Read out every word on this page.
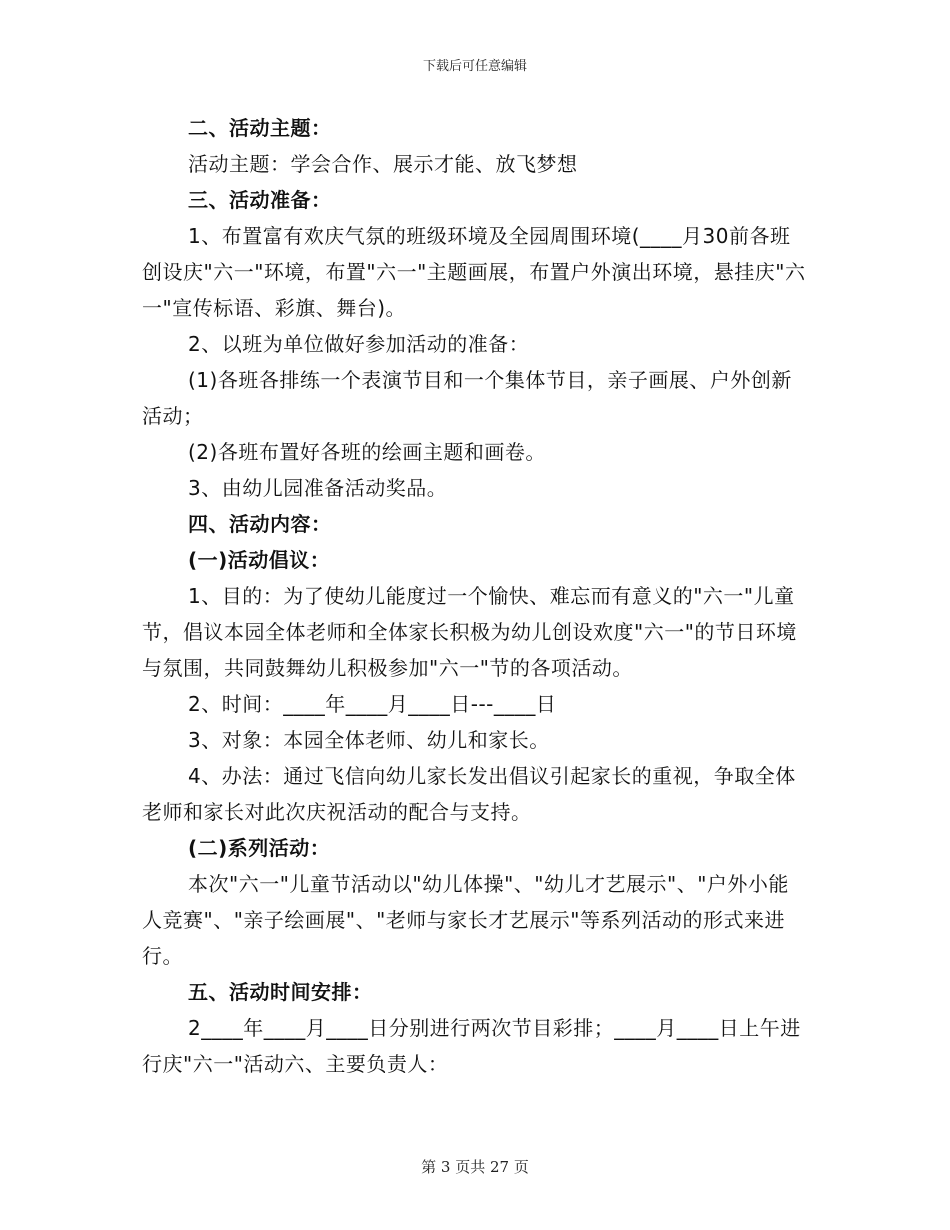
下载后可任意编辑

二、活动主题：

活动主题：学会合作、展示才能、放飞梦想

三、活动准备：

1、布置富有欢庆气氛的班级环境及全园周围环境(____月30前各班创设庆"六一"环境，布置"六一"主题画展，布置户外演出环境，悬挂庆"六一"宣传标语、彩旗、舞台)。

2、以班为单位做好参加活动的准备：

(1)各班各排练一个表演节目和一个集体节目，亲子画展、户外创新活动；

(2)各班布置好各班的绘画主题和画卷。

3、由幼儿园准备活动奖品。

四、活动内容：

(一)活动倡议：

1、目的：为了使幼儿能度过一个愉快、难忘而有意义的"六一"儿童节，倡议本园全体老师和全体家长积极为幼儿创设欢度"六一"的节日环境与氛围，共同鼓舞幼儿积极参加"六一"节的各项活动。

2、时间：____年____月____日---____日

3、对象：本园全体老师、幼儿和家长。

4、办法：通过飞信向幼儿家长发出倡议引起家长的重视，争取全体老师和家长对此次庆祝活动的配合与支持。

(二)系列活动：

本次"六一"儿童节活动以"幼儿体操"、"幼儿才艺展示"、"户外小能人竞赛"、"亲子绘画展"、"老师与家长才艺展示"等系列活动的形式来进行。

五、活动时间安排：

2____年____月____日分别进行两次节目彩排；____月____日上午进行庆"六一"活动六、主要负责人：

第 3 页共 27 页
